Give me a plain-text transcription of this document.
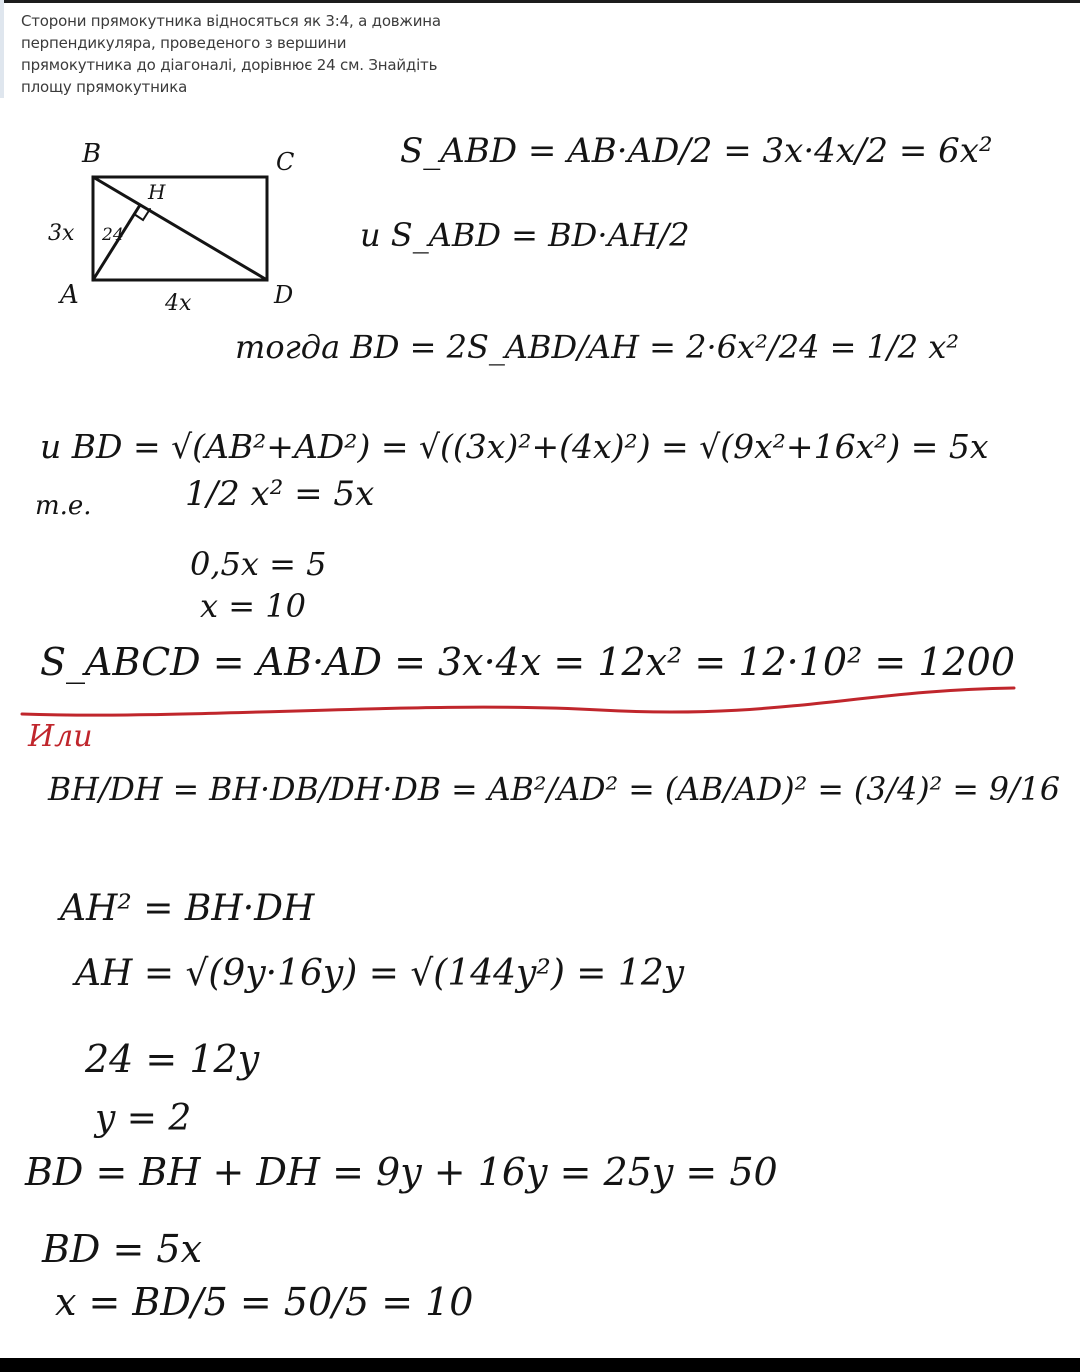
Сторони прямокутника відносяться як 3:4, а довжина
перпендикуляра, проведеного з вершини
прямокутника до діагоналі, дорівнює 24 см. Знайдіть
площу прямокутника
B	C
A	D
H
3x
4x
24
S_ABD = AB·AD/2 = 3x·4x/2 = 6x²
и S_ABD = BD·AH/2
тогда BD = 2S_ABD/AH = 2·6x²/24 = 1/2 x²
и BD = √(AB²+AD²) = √((3x)²+(4x)²) = √(9x²+16x²) = 5x
т.е.	1/2 x² = 5x
0,5x = 5
x = 10
S_ABCD = AB·AD = 3x·4x = 12x² = 12·10² = 1200
Или
BH/DH = BH·DB/DH·DB = AB²/AD² = (AB/AD)² = (3/4)² = 9/16
AH² = BH·DH
AH = √(9y·16y) = √(144y²) = 12y
24 = 12y
y = 2
BD = BH + DH = 9y + 16y = 25y = 50
BD = 5x
x = BD/5 = 50/5 = 10
